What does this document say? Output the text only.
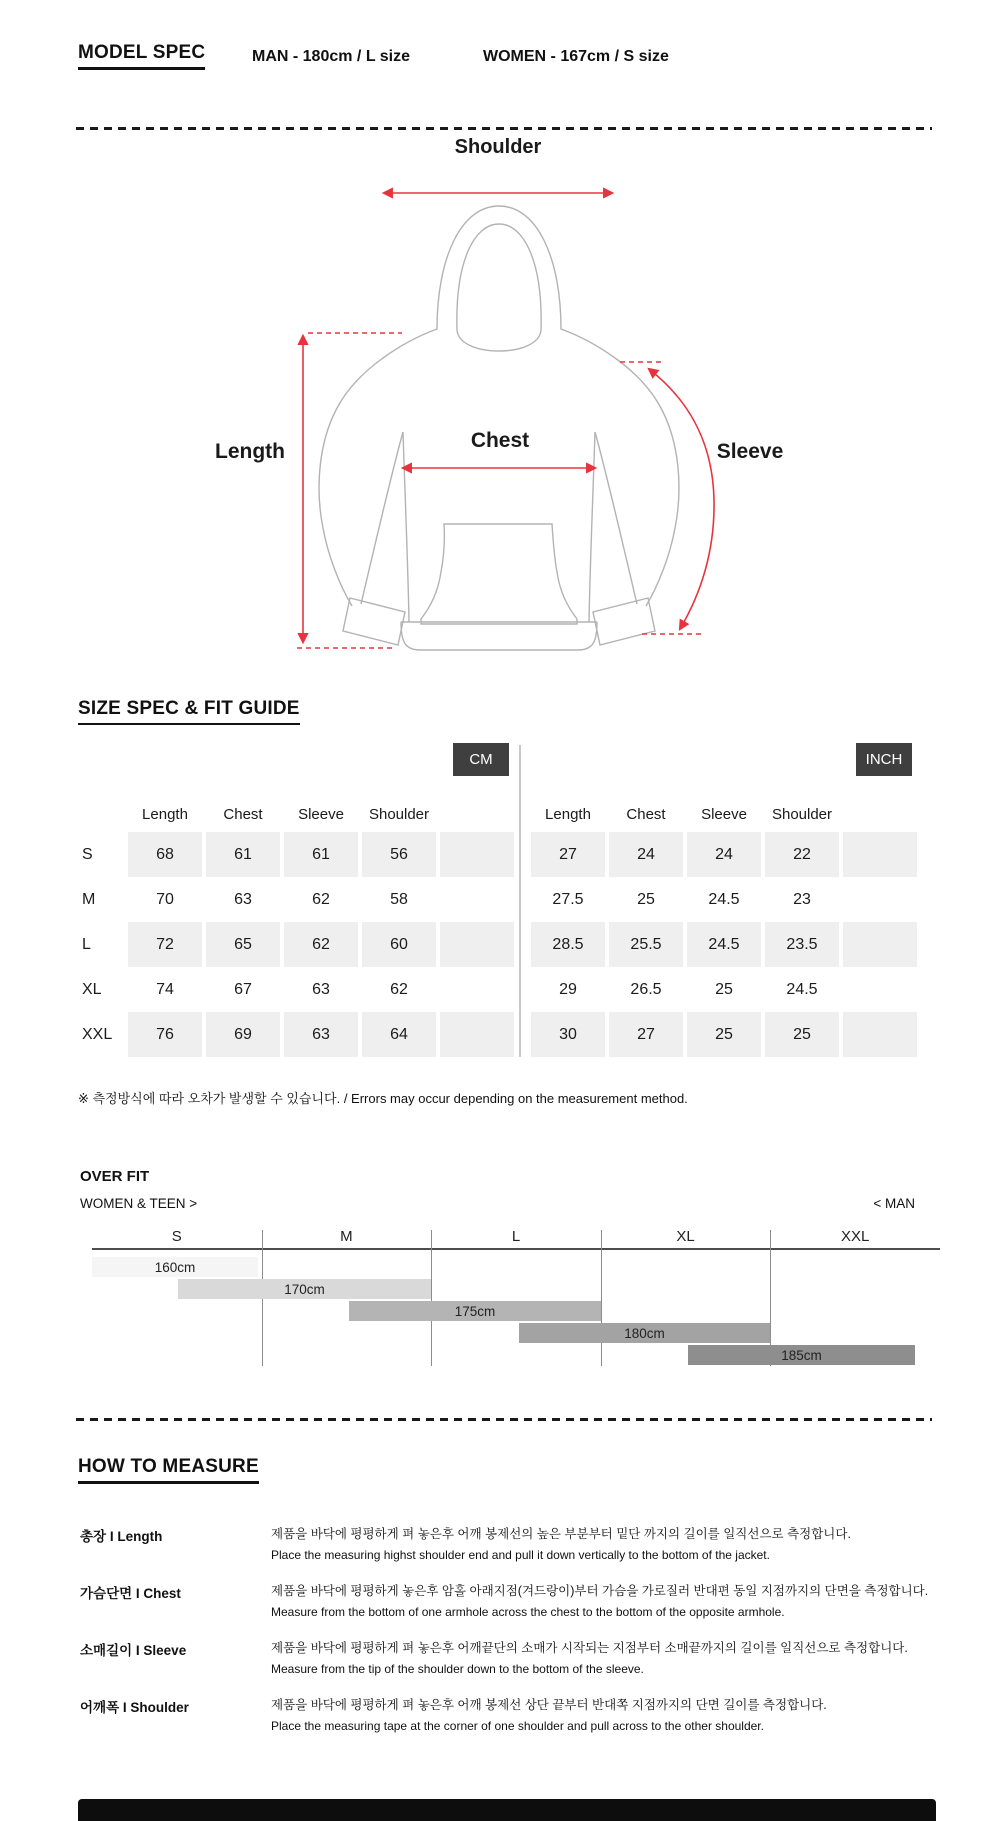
MODEL SPEC	MAN - 180cm / L size	WOMEN - 167cm / S size
Shoulder
Length	Chest	Sleeve
SIZE SPEC & FIT GUIDE
CM	INCH
Length	Chest	Sleeve	Shoulder
S	68	61	61	56
M	70	63	62	58
L	72	65	62	60
XL	74	67	63	62
XXL	76	69	63	64
Length	Chest	Sleeve	Shoulder
27	24	24	22
27.5	25	24.5	23
28.5	25.5	24.5	23.5
29	26.5	25	24.5
30	27	25	25
※ 측정방식에 따라 오차가 발생할 수 있습니다. / Errors may occur depending on the measurement method.
OVER FIT
WOMEN & TEEN >	< MAN
S	M	L	XL	XXL
160cm
170cm
175cm
180cm
185cm
HOW TO MEASURE
총장 I Length	제품을 바닥에 평평하게 펴 놓은후 어깨 봉제선의 높은 부분부터 밑단 까지의 길이를 일직선으로 측정합니다.
Place the measuring highst shoulder end and pull it down vertically to the bottom of the jacket.
가슴단면 I Chest	제품을 바닥에 평평하게 놓은후 암홀 아래지점(겨드랑이)부터 가슴을 가로질러 반대편 동일 지점까지의 단면을 측정합니다.
Measure from the bottom of one armhole across the chest to the bottom of the opposite armhole.
소매길이 I Sleeve	제품을 바닥에 평평하게 펴 놓은후 어깨끝단의 소매가 시작되는 지점부터 소매끝까지의 길이를 일직선으로 측정합니다.
Measure from the tip of the shoulder down to the bottom of the sleeve.
어깨폭 I Shoulder	제품을 바닥에 평평하게 펴 놓은후 어깨 봉제선 상단 끝부터 반대쪽 지점까지의 단면 길이를 측정합니다.
Place the measuring tape at the corner of one shoulder and pull across to the other shoulder.
